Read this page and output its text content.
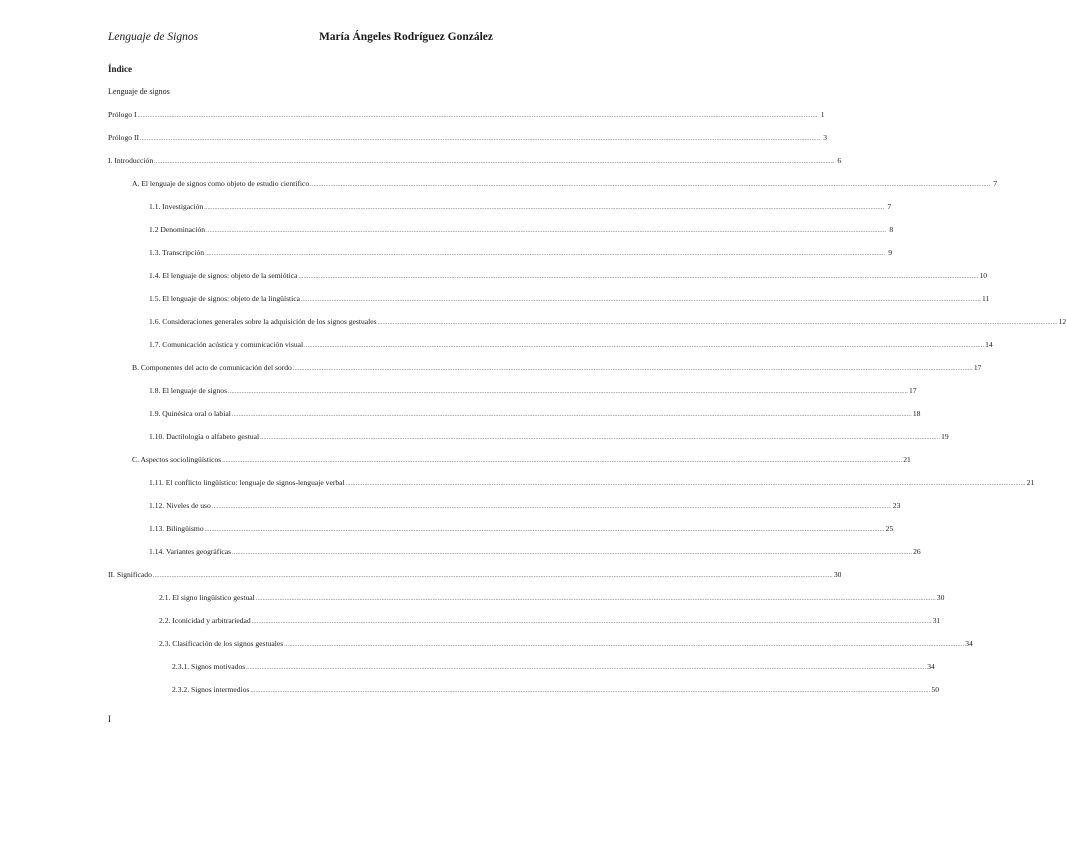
Lenguaje de Signos	María Ángeles Rodríguez González
Índice
Lenguaje de signos
Prólogo I ................................................................................................................................................................................................................................................................................................................................................................................................................ 1
Prólogo II ................................................................................................................................................................................................................................................................................................................................................................................................................ 3
I. Introducción ................................................................................................................................................................................................................................................................................................................................................................................................................ 6
A. El lenguaje de signos como objeto de estudio científico ................................................................................................................................................................................................................................................................................................................................................................................................................ 7
1.1. Investigación ................................................................................................................................................................................................................................................................................................................................................................................................................ 7
1.2 Denominación ................................................................................................................................................................................................................................................................................................................................................................................................................ 8
1.3. Transcripción ................................................................................................................................................................................................................................................................................................................................................................................................................ 9
1.4. El lenguaje de signos: objeto de la semiótica ................................................................................................................................................................................................................................................................................................................................................................................................................ 10
1.5. El lenguaje de signos: objeto de la lingüística ................................................................................................................................................................................................................................................................................................................................................................................................................ 11
1.6. Consideraciones generales sobre la adquisición de los signos gestuales ................................................................................................................................................................................................................................................................................................................................................................................................................ 12
1.7. Comunicación acústica y comunicación visual ................................................................................................................................................................................................................................................................................................................................................................................................................ 14
B. Componentes del acto de comunicación del sordo ................................................................................................................................................................................................................................................................................................................................................................................................................ 17
1.8. El lenguaje de signos ................................................................................................................................................................................................................................................................................................................................................................................................................ 17
1.9. Quinésica oral o labial ................................................................................................................................................................................................................................................................................................................................................................................................................ 18
1.10. Dactilología o alfabeto gestual ................................................................................................................................................................................................................................................................................................................................................................................................................ 19
C. Aspectos sociolingüísticos ................................................................................................................................................................................................................................................................................................................................................................................................................ 21
1.11. El conflicto lingüístico: lenguaje de signos-lenguaje verbal ................................................................................................................................................................................................................................................................................................................................................................................................................ 21
1.12. Niveles de uso ................................................................................................................................................................................................................................................................................................................................................................................................................ 23
1.13. Bilingüismo ................................................................................................................................................................................................................................................................................................................................................................................................................ 25
1.14. Variantes geográficas ................................................................................................................................................................................................................................................................................................................................................................................................................ 26
II. Significado ................................................................................................................................................................................................................................................................................................................................................................................................................ 30
2.1. El signo lingüístico gestual ................................................................................................................................................................................................................................................................................................................................................................................................................ 30
2.2. Iconicidad y arbitrariedad ................................................................................................................................................................................................................................................................................................................................................................................................................ 31
2.3. Clasificación de los signos gestuales ................................................................................................................................................................................................................................................................................................................................................................................................................ 34
2.3.1. Signos motivados ................................................................................................................................................................................................................................................................................................................................................................................................................ 34
2.3.2. Signos intermedios ................................................................................................................................................................................................................................................................................................................................................................................................................ 50
I
